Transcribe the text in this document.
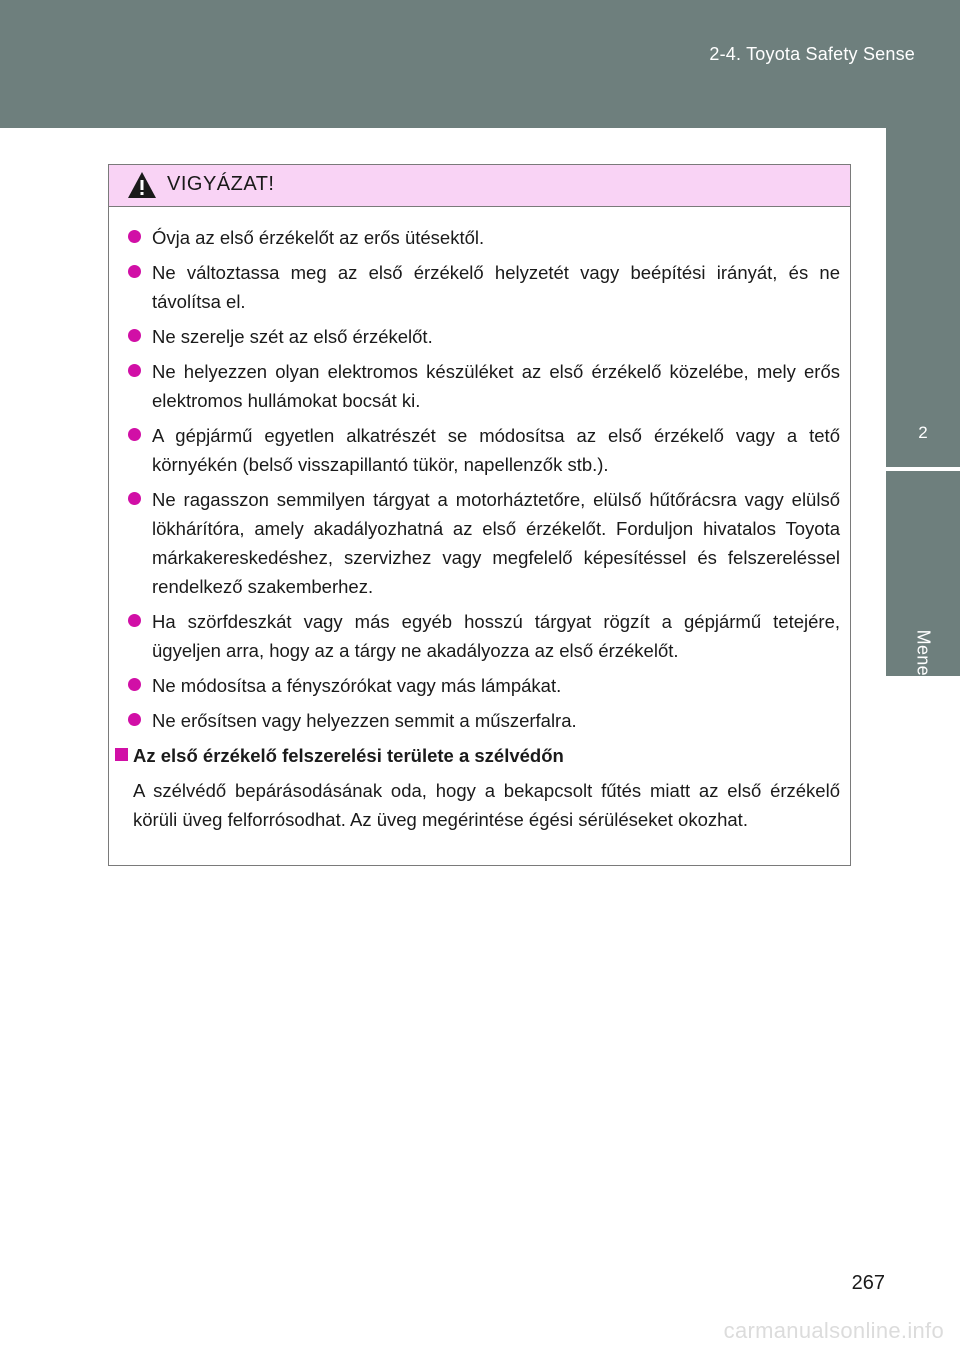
2-4. Toyota Safety Sense
2
Menet közben
VIGYÁZAT!
Óvja az első érzékelőt az erős ütésektől.
Ne változtassa meg az első érzékelő helyzetét vagy beépítési irányát, és ne távolítsa el.
Ne szerelje szét az első érzékelőt.
Ne helyezzen olyan elektromos készüléket az első érzékelő közelébe, mely erős elektromos hullámokat bocsát ki.
A gépjármű egyetlen alkatrészét se módosítsa az első érzékelő vagy a tető környékén (belső visszapillantó tükör, napellenzők stb.).
Ne ragasszon semmilyen tárgyat a motorháztetőre, elülső hűtőrácsra vagy elülső lökhárítóra, amely akadályozhatná az első érzékelőt. Forduljon hivatalos Toyota márkakereskedéshez, szervizhez vagy megfelelő képesítéssel és felszereléssel rendelkező szakemberhez.
Ha szörfdeszkát vagy más egyéb hosszú tárgyat rögzít a gépjármű tetejére, ügyeljen arra, hogy az a tárgy ne akadályozza az első érzékelőt.
Ne módosítsa a fényszórókat vagy más lámpákat.
Ne erősítsen vagy helyezzen semmit a műszerfalra.
Az első érzékelő felszerelési területe a szélvédőn
A szélvédő bepárásodásának oda, hogy a bekapcsolt fűtés miatt az első érzékelő körüli üveg felforrósodhat. Az üveg megérintése égési sérüléseket okozhat.
267
carmanualsonline.info
